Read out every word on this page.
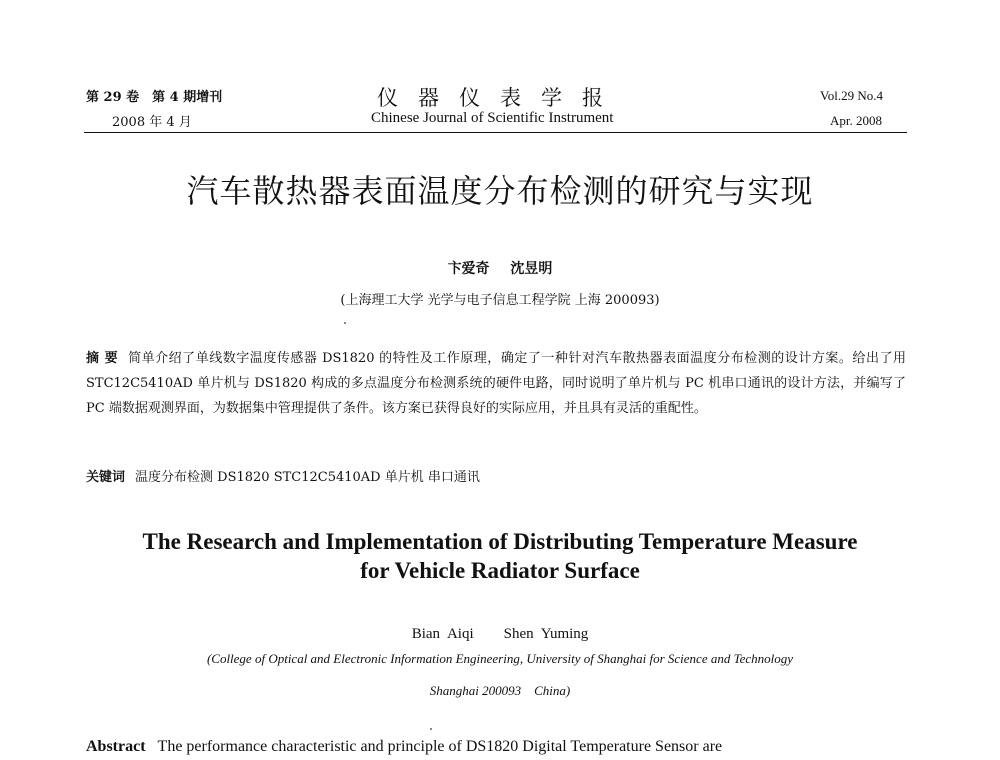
第 29 卷　第 4 期增刊
2008 年 4 月
仪器仪表学报
Chinese Journal of Scientific Instrument
Vol.29 No.4
Apr. 2008
汽车散热器表面温度分布检测的研究与实现
卞爱奇 沈昱明
(上海理工大学 光学与电子信息工程学院 上海 200093)
摘 要 简单介绍了单线数字温度传感器 DS1820 的特性及工作原理，确定了一种针对汽车散热器表面温度分布检测的设计方案。给出了用 STC12C5410AD 单片机与 DS1820 构成的多点温度分布检测系统的硬件电路，同时说明了单片机与 PC 机串口通讯的设计方法，并编写了 PC 端数据观测界面，为数据集中管理提供了条件。该方案已获得良好的实际应用，并且具有灵活的重配性。
关键词 温度分布检测 DS1820 STC12C5410AD 单片机 串口通讯
The Research and Implementation of Distributing Temperature Measure
for Vehicle Radiator Surface
Bian Aiqi　　Shen Yuming
(College of Optical and Electronic Information Engineering, University of Shanghai for Science and Technology
Shanghai 200093　China)
Abstract The performance characteristic and principle of DS1820 Digital Temperature Sensor are
